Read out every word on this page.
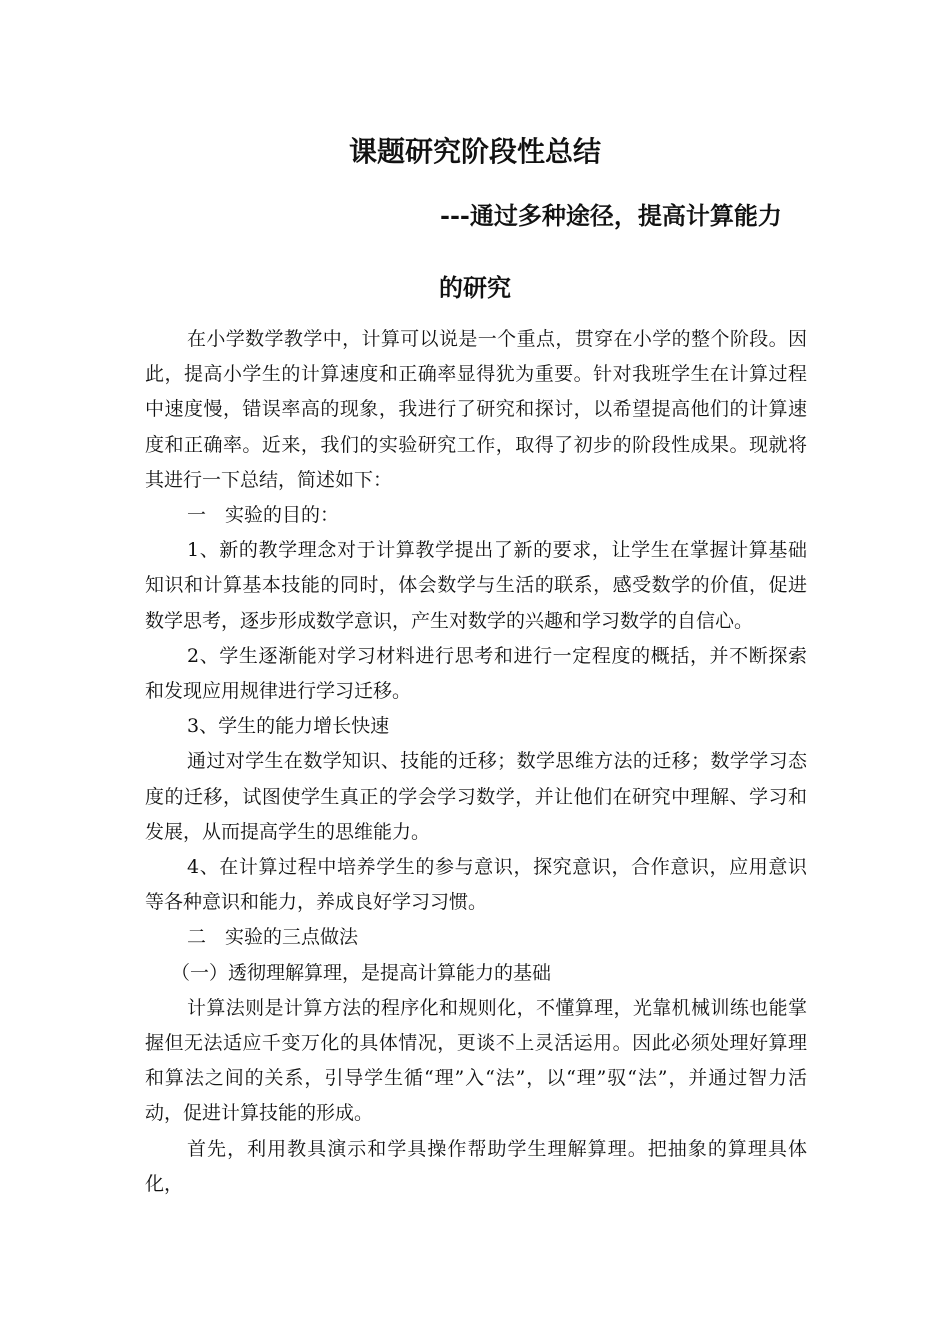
课题研究阶段性总结
---通过多种途径，提高计算能力
的研究

在小学数学教学中，计算可以说是一个重点，贯穿在小学的整个阶段。因此，提高小学生的计算速度和正确率显得犹为重要。针对我班学生在计算过程中速度慢，错误率高的现象，我进行了研究和探讨，以希望提高他们的计算速度和正确率。近来，我们的实验研究工作，取得了初步的阶段性成果。现就将其进行一下总结，简述如下：

一　实验的目的：

1、新的教学理念对于计算教学提出了新的要求，让学生在掌握计算基础知识和计算基本技能的同时，体会数学与生活的联系，感受数学的价值，促进数学思考，逐步形成数学意识，产生对数学的兴趣和学习数学的自信心。

2、学生逐渐能对学习材料进行思考和进行一定程度的概括，并不断探索和发现应用规律进行学习迁移。

3、学生的能力增长快速

通过对学生在数学知识、技能的迁移；数学思维方法的迁移；数学学习态度的迁移，试图使学生真正的学会学习数学，并让他们在研究中理解、学习和发展，从而提高学生的思维能力。

4、在计算过程中培养学生的参与意识，探究意识，合作意识，应用意识等各种意识和能力，养成良好学习习惯。

二　实验的三点做法

（一）透彻理解算理，是提高计算能力的基础

计算法则是计算方法的程序化和规则化，不懂算理，光靠机械训练也能掌握但无法适应千变万化的具体情况，更谈不上灵活运用。因此必须处理好算理和算法之间的关系，引导学生循“理”入“法”，以“理”驭“法”，并通过智力活动，促进计算技能的形成。

首先，利用教具演示和学具操作帮助学生理解算理。把抽象的算理具体化，
